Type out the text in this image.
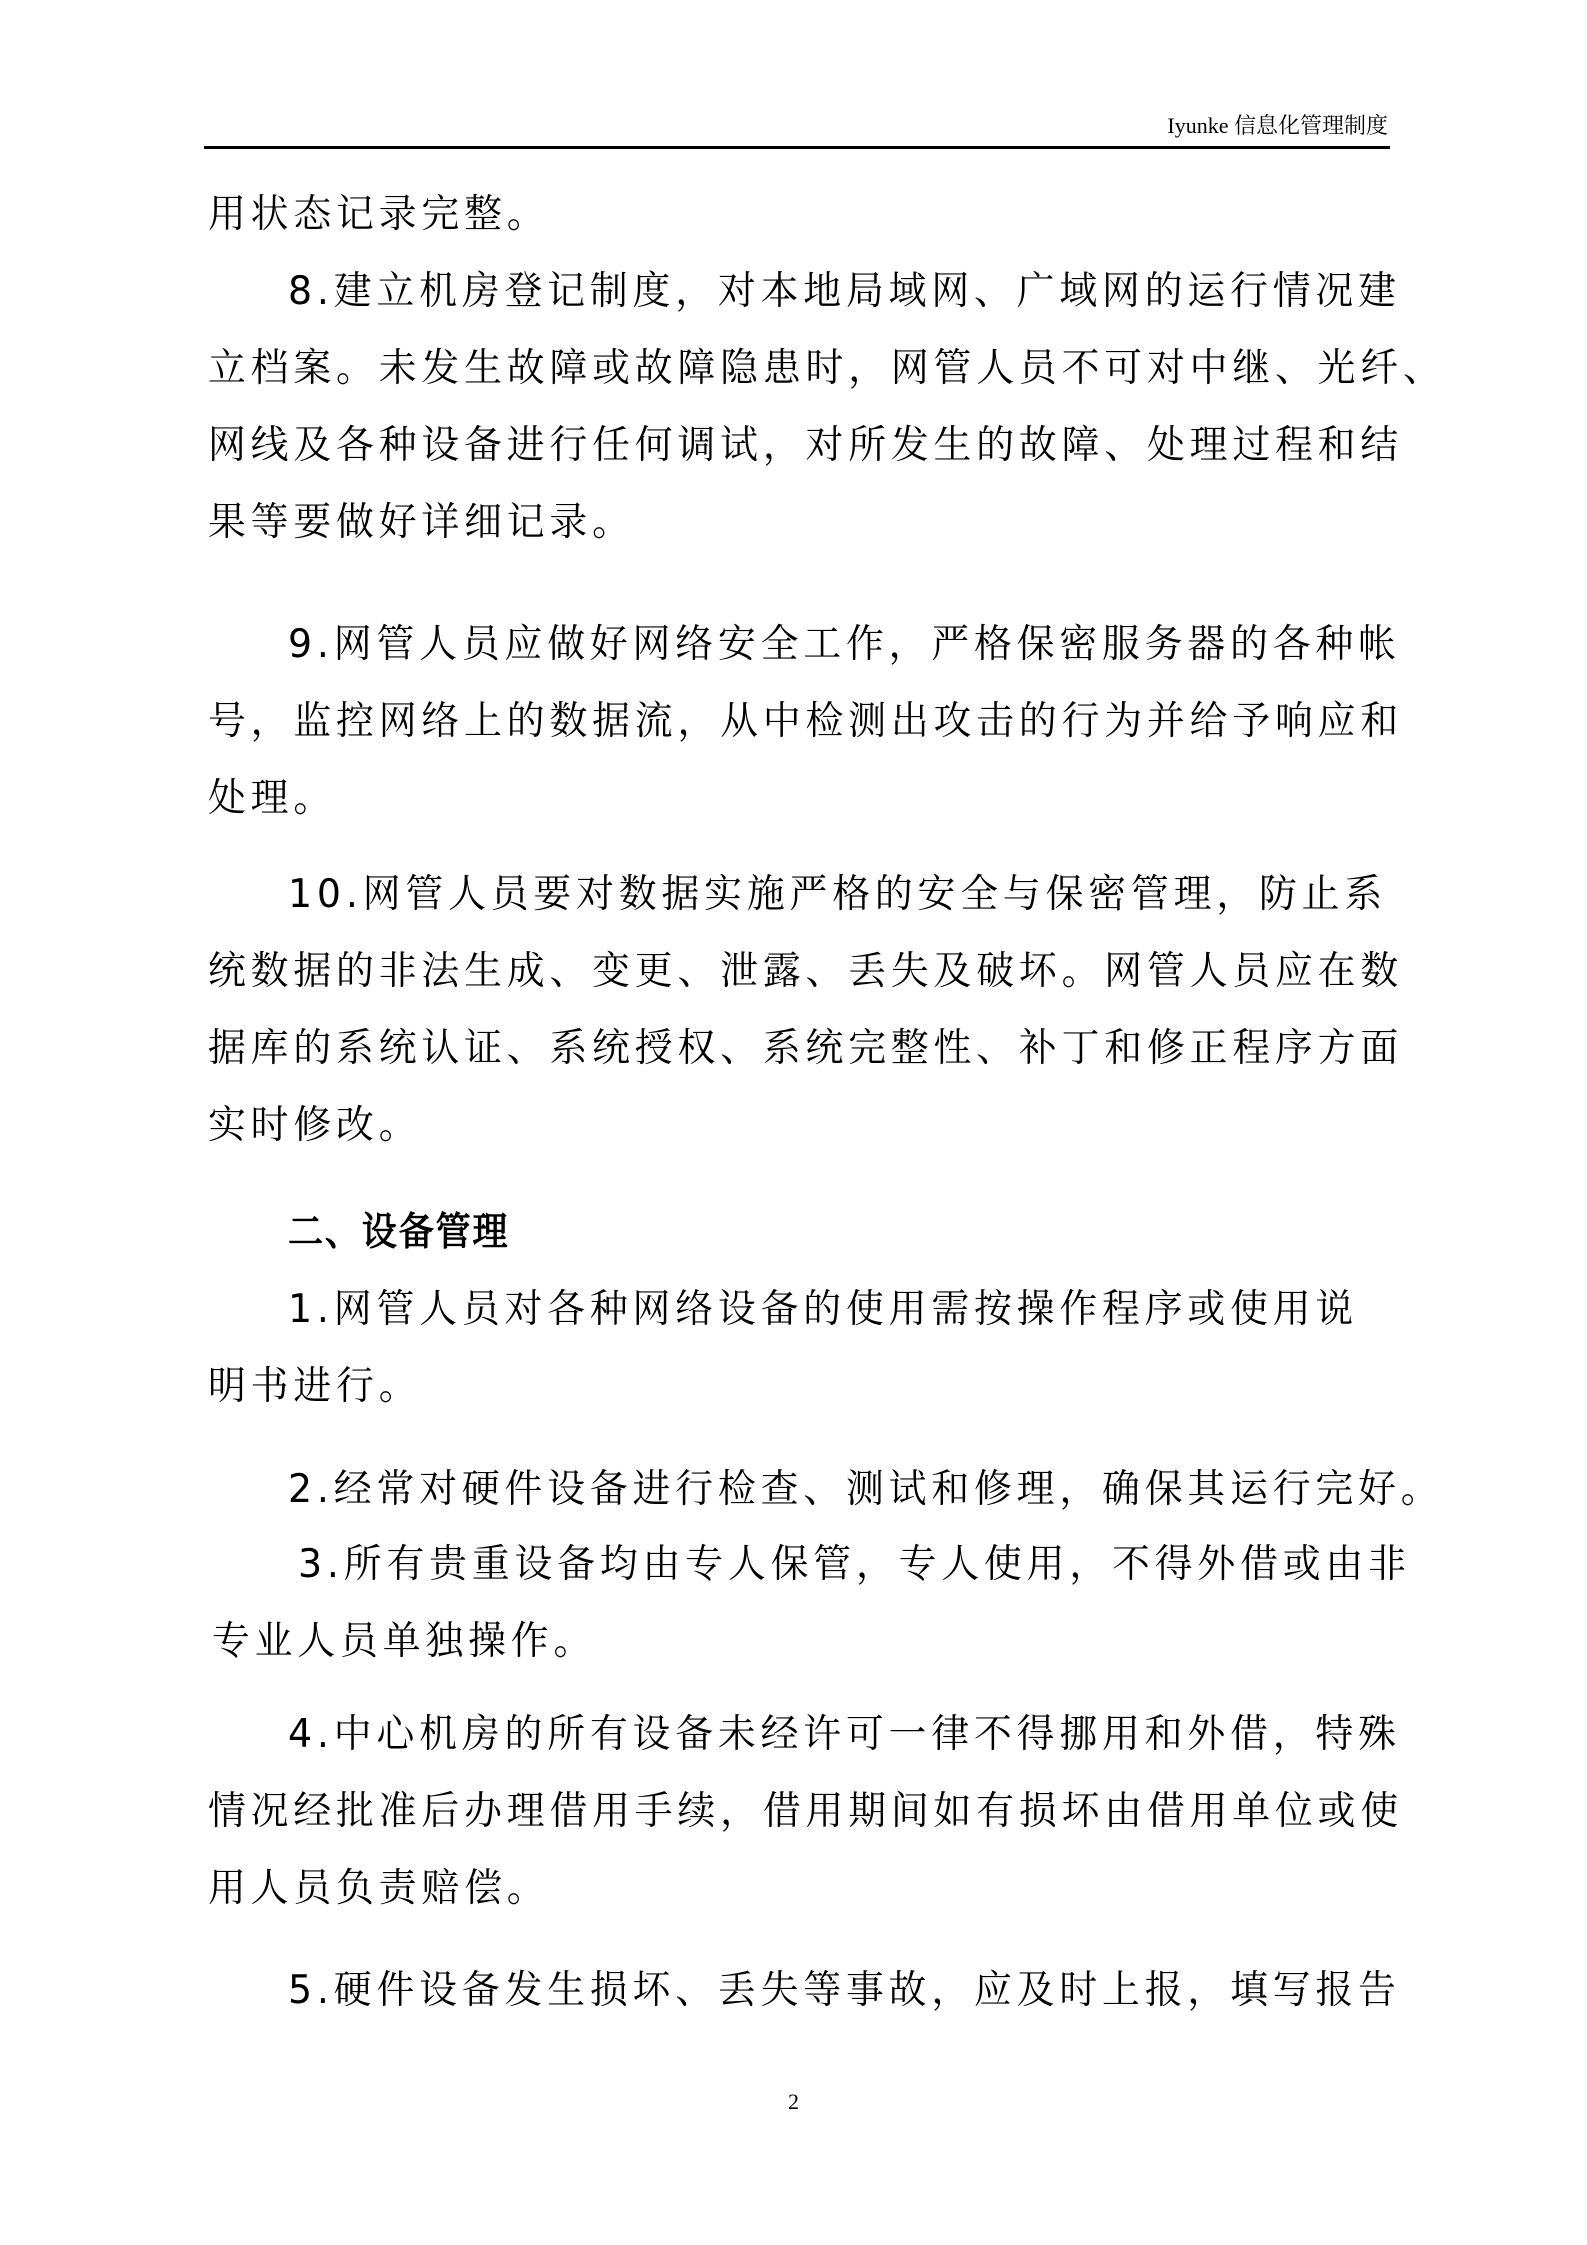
Iyunke 信息化管理制度
用状态记录完整。
8.建立机房登记制度，对本地局域网、广域网的运行情况建
立档案。未发生故障或故障隐患时，网管人员不可对中继、光纤、
网线及各种设备进行任何调试，对所发生的故障、处理过程和结
果等要做好详细记录。
9.网管人员应做好网络安全工作，严格保密服务器的各种帐
号，监控网络上的数据流，从中检测出攻击的行为并给予响应和
处理。
10.网管人员要对数据实施严格的安全与保密管理，防止系
统数据的非法生成、变更、泄露、丢失及破坏。网管人员应在数
据库的系统认证、系统授权、系统完整性、补丁和修正程序方面
实时修改。
二、设备管理
1.网管人员对各种网络设备的使用需按操作程序或使用说
明书进行。
2.经常对硬件设备进行检查、测试和修理，确保其运行完好。
3.所有贵重设备均由专人保管，专人使用，不得外借或由非
专业人员单独操作。
4.中心机房的所有设备未经许可一律不得挪用和外借，特殊
情况经批准后办理借用手续，借用期间如有损坏由借用单位或使
用人员负责赔偿。
5.硬件设备发生损坏、丢失等事故，应及时上报，填写报告
2
